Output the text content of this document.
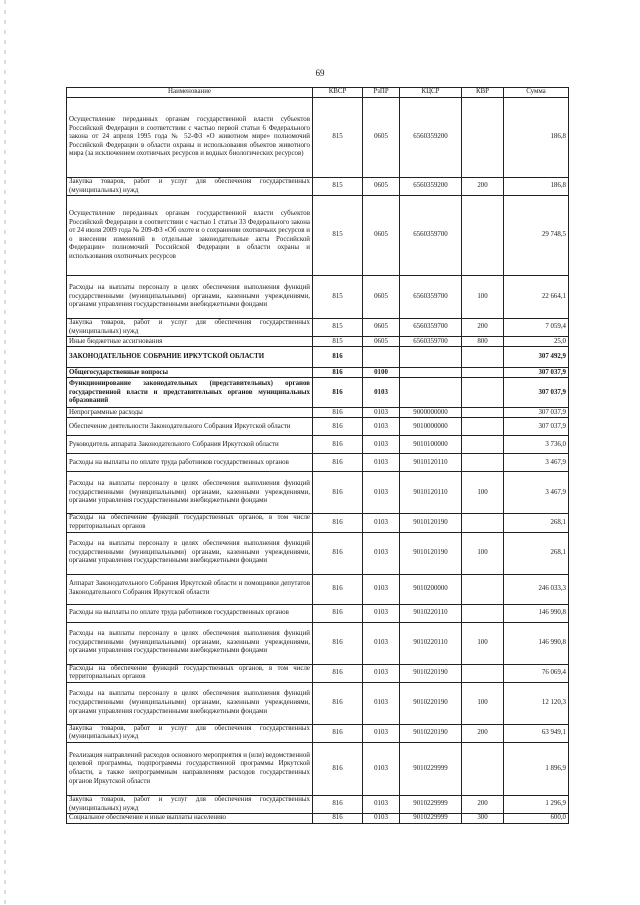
69
Наименование	КВСР	РзПР	КЦСР	КВР	Сумма
Осуществление переданных органам государственной власти субъектов Российской Федерации в соответствии с частью первой статьи 6 Федерального закона от 24 апреля 1995 года № 52-ФЗ «О животном мире» полномочий Российской Федерации в области охраны и использования объектов животного мира (за исключением охотничьих ресурсов и водных биологических ресурсов)	815	0605	6560359200		186,8
Закупка товаров, работ и услуг для обеспечения государственных (муниципальных) нужд	815	0605	6560359200	200	186,8
Осуществление переданных органам государственной власти субъектов Российской Федерации в соответствии с частью 1 статьи 33 Федерального закона от 24 июля 2009 года № 209-ФЗ «Об охоте и о сохранении охотничьих ресурсов и о внесении изменений в отдельные законодательные акты Российской Федерации» полномочий Российской Федерации в области охраны и использования охотничьих ресурсов	815	0605	6560359700		29 748,5
Расходы на выплаты персоналу в целях обеспечения выполнения функций государственными (муниципальными) органами, казенными учреждениями, органами управления государственными внебюджетными фондами	815	0605	6560359700	100	22 664,1
Закупка товаров, работ и услуг для обеспечения государственных (муниципальных) нужд	815	0605	6560359700	200	7 059,4
Иные бюджетные ассигнования	815	0605	6560359700	800	25,0
ЗАКОНОДАТЕЛЬНОЕ СОБРАНИЕ ИРКУТСКОЙ ОБЛАСТИ	816				307 492,9
Общегосударственные вопросы	816	0100			307 037,9
Функционирование законодательных (представительных) органов государственной власти и представительных органов муниципальных образований	816	0103			307 037,9
Непрограммные расходы	816	0103	9000000000		307 037,9
Обеспечение деятельности Законодательного Собрания Иркутской области	816	0103	9010000000		307 037,9
Руководитель аппарата Законодательного Собрания Иркутской области	816	0103	9010100000		3 736,0
Расходы на выплаты по оплате труда работников государственных органов	816	0103	9010120110		3 467,9
Расходы на выплаты персоналу в целях обеспечения выполнения функций государственными (муниципальными) органами, казенными учреждениями, органами управления государственными внебюджетными фондами	816	0103	9010120110	100	3 467,9
Расходы на обеспечение функций государственных органов, в том числе территориальных органов	816	0103	9010120190		268,1
Расходы на выплаты персоналу в целях обеспечения выполнения функций государственными (муниципальными) органами, казенными учреждениями, органами управления государственными внебюджетными фондами	816	0103	9010120190	100	268,1
Аппарат Законодательного Собрания Иркутской области и помощники депутатов Законодательного Собрания Иркутской области	816	0103	9010200000		246 033,3
Расходы на выплаты по оплате труда работников государственных органов	816	0103	9010220110		146 990,8
Расходы на выплаты персоналу в целях обеспечения выполнения функций государственными (муниципальными) органами, казенными учреждениями, органами управления государственными внебюджетными фондами	816	0103	9010220110	100	146 990,8
Расходы на обеспечение функций государственных органов, в том числе территориальных органов	816	0103	9010220190		76 069,4
Расходы на выплаты персоналу в целях обеспечения выполнения функций государственными (муниципальными) органами, казенными учреждениями, органами управления государственными внебюджетными фондами	816	0103	9010220190	100	12 120,3
Закупка товаров, работ и услуг для обеспечения государственных (муниципальных) нужд	816	0103	9010220190	200	63 949,1
Реализация направлений расходов основного мероприятия и (или) ведомственной целевой программы, подпрограммы государственной программы Иркутской области, а также непрограммным направлениям расходов государственных органов Иркутской области	816	0103	9010229999		1 896,9
Закупка товаров, работ и услуг для обеспечения государственных (муниципальных) нужд	816	0103	9010229999	200	1 296,9
Социальное обеспечение и иные выплаты населению	816	0103	9010229999	300	600,0
